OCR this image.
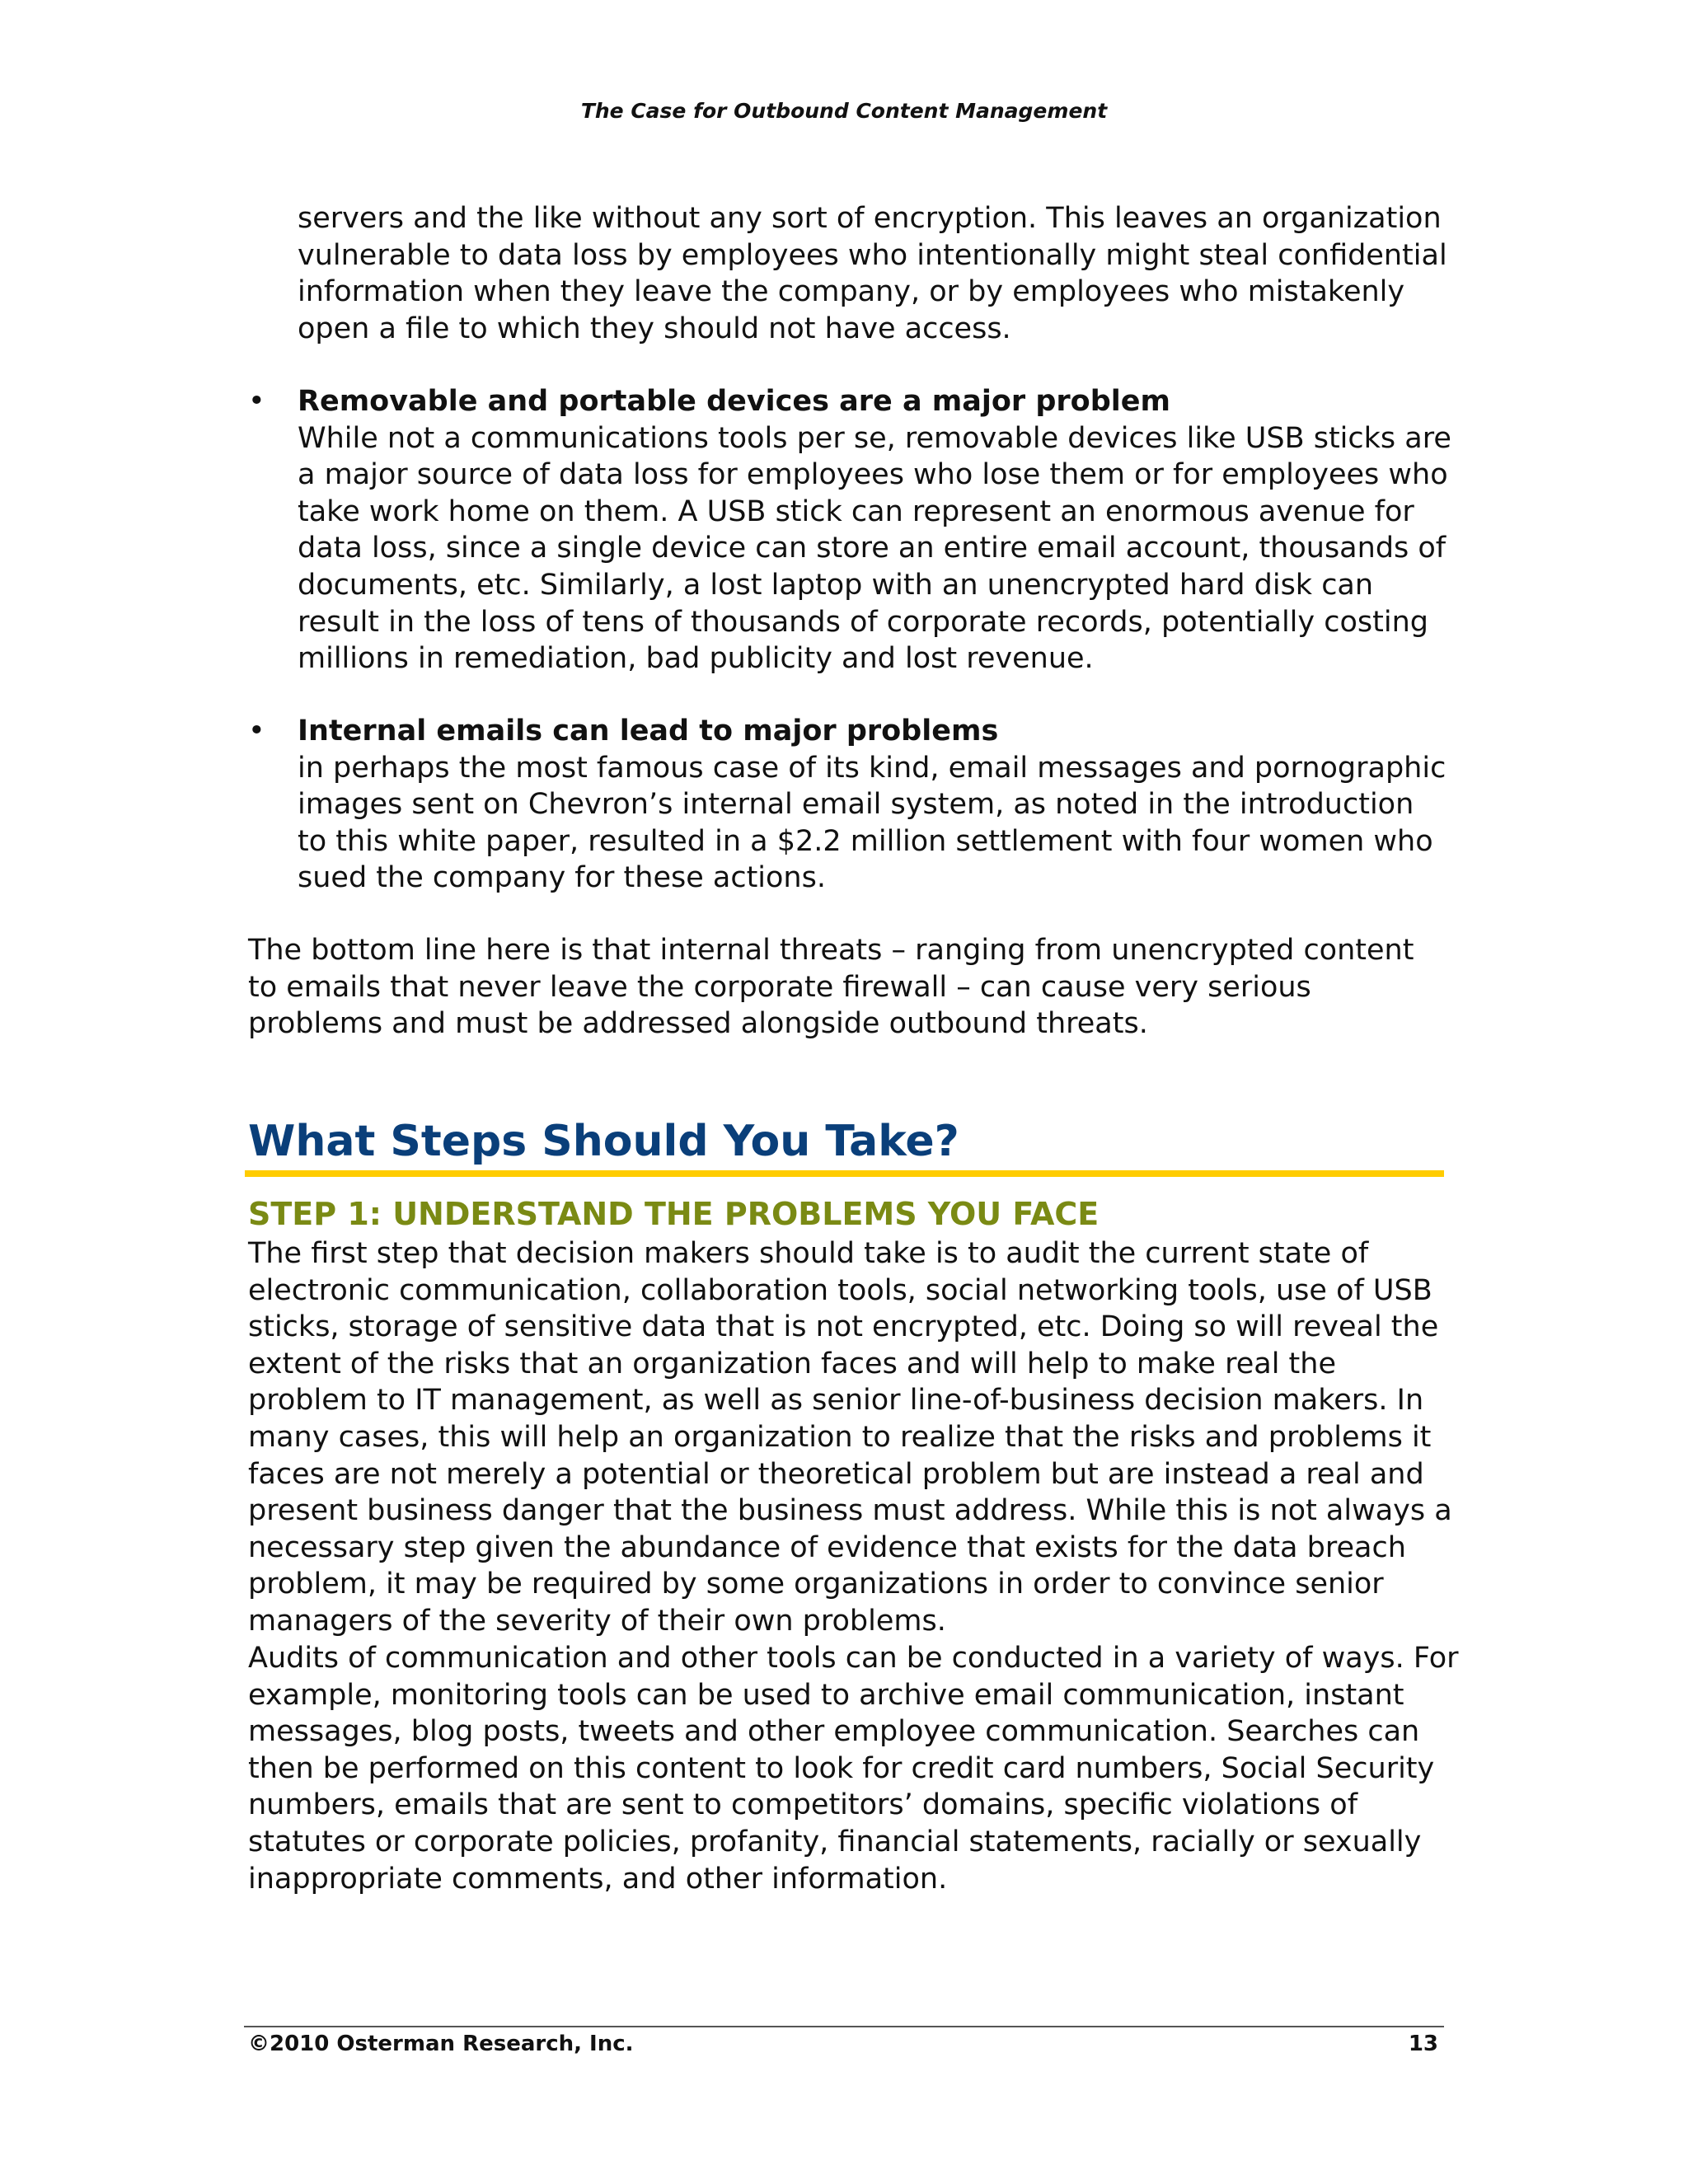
The Case for Outbound Content Management

servers and the like without any sort of encryption. This leaves an organization vulnerable to data loss by employees who intentionally might steal confidential information when they leave the company, or by employees who mistakenly open a file to which they should not have access.

• Removable and portable devices are a major problem
While not a communications tools per se, removable devices like USB sticks are a major source of data loss for employees who lose them or for employees who take work home on them. A USB stick can represent an enormous avenue for data loss, since a single device can store an entire email account, thousands of documents, etc. Similarly, a lost laptop with an unencrypted hard disk can result in the loss of tens of thousands of corporate records, potentially costing millions in remediation, bad publicity and lost revenue.
• Internal emails can lead to major problems
in perhaps the most famous case of its kind, email messages and pornographic images sent on Chevron’s internal email system, as noted in the introduction to this white paper, resulted in a $2.2 million settlement with four women who sued the company for these actions.

The bottom line here is that internal threats – ranging from unencrypted content to emails that never leave the corporate firewall – can cause very serious problems and must be addressed alongside outbound threats.

What Steps Should You Take?
STEP 1: UNDERSTAND THE PROBLEMS YOU FACE

The first step that decision makers should take is to audit the current state of electronic communication, collaboration tools, social networking tools, use of USB sticks, storage of sensitive data that is not encrypted, etc. Doing so will reveal the extent of the risks that an organization faces and will help to make real the problem to IT management, as well as senior line-of-business decision makers. In many cases, this will help an organization to realize that the risks and problems it faces are not merely a potential or theoretical problem but are instead a real and present business danger that the business must address. While this is not always a necessary step given the abundance of evidence that exists for the data breach problem, it may be required by some organizations in order to convince senior managers of the severity of their own problems.

Audits of communication and other tools can be conducted in a variety of ways. For example, monitoring tools can be used to archive email communication, instant messages, blog posts, tweets and other employee communication. Searches can then be performed on this content to look for credit card numbers, Social Security numbers, emails that are sent to competitors’ domains, specific violations of statutes or corporate policies, profanity, financial statements, racially or sexually inappropriate comments, and other information.

©2010 Osterman Research, Inc.	13
